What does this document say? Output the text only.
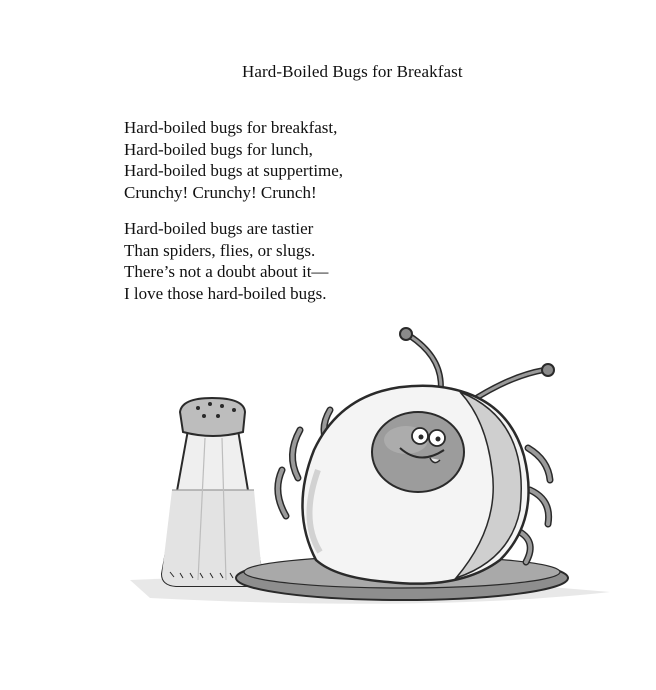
Hard-Boiled Bugs for Breakfast
Hard-boiled bugs for breakfast,
Hard-boiled bugs for lunch,
Hard-boiled bugs at suppertime,
Crunchy! Crunchy! Crunch!
Hard-boiled bugs are tastier
Than spiders, flies, or slugs.
There’s not a doubt about it—
I love those hard-boiled bugs.
